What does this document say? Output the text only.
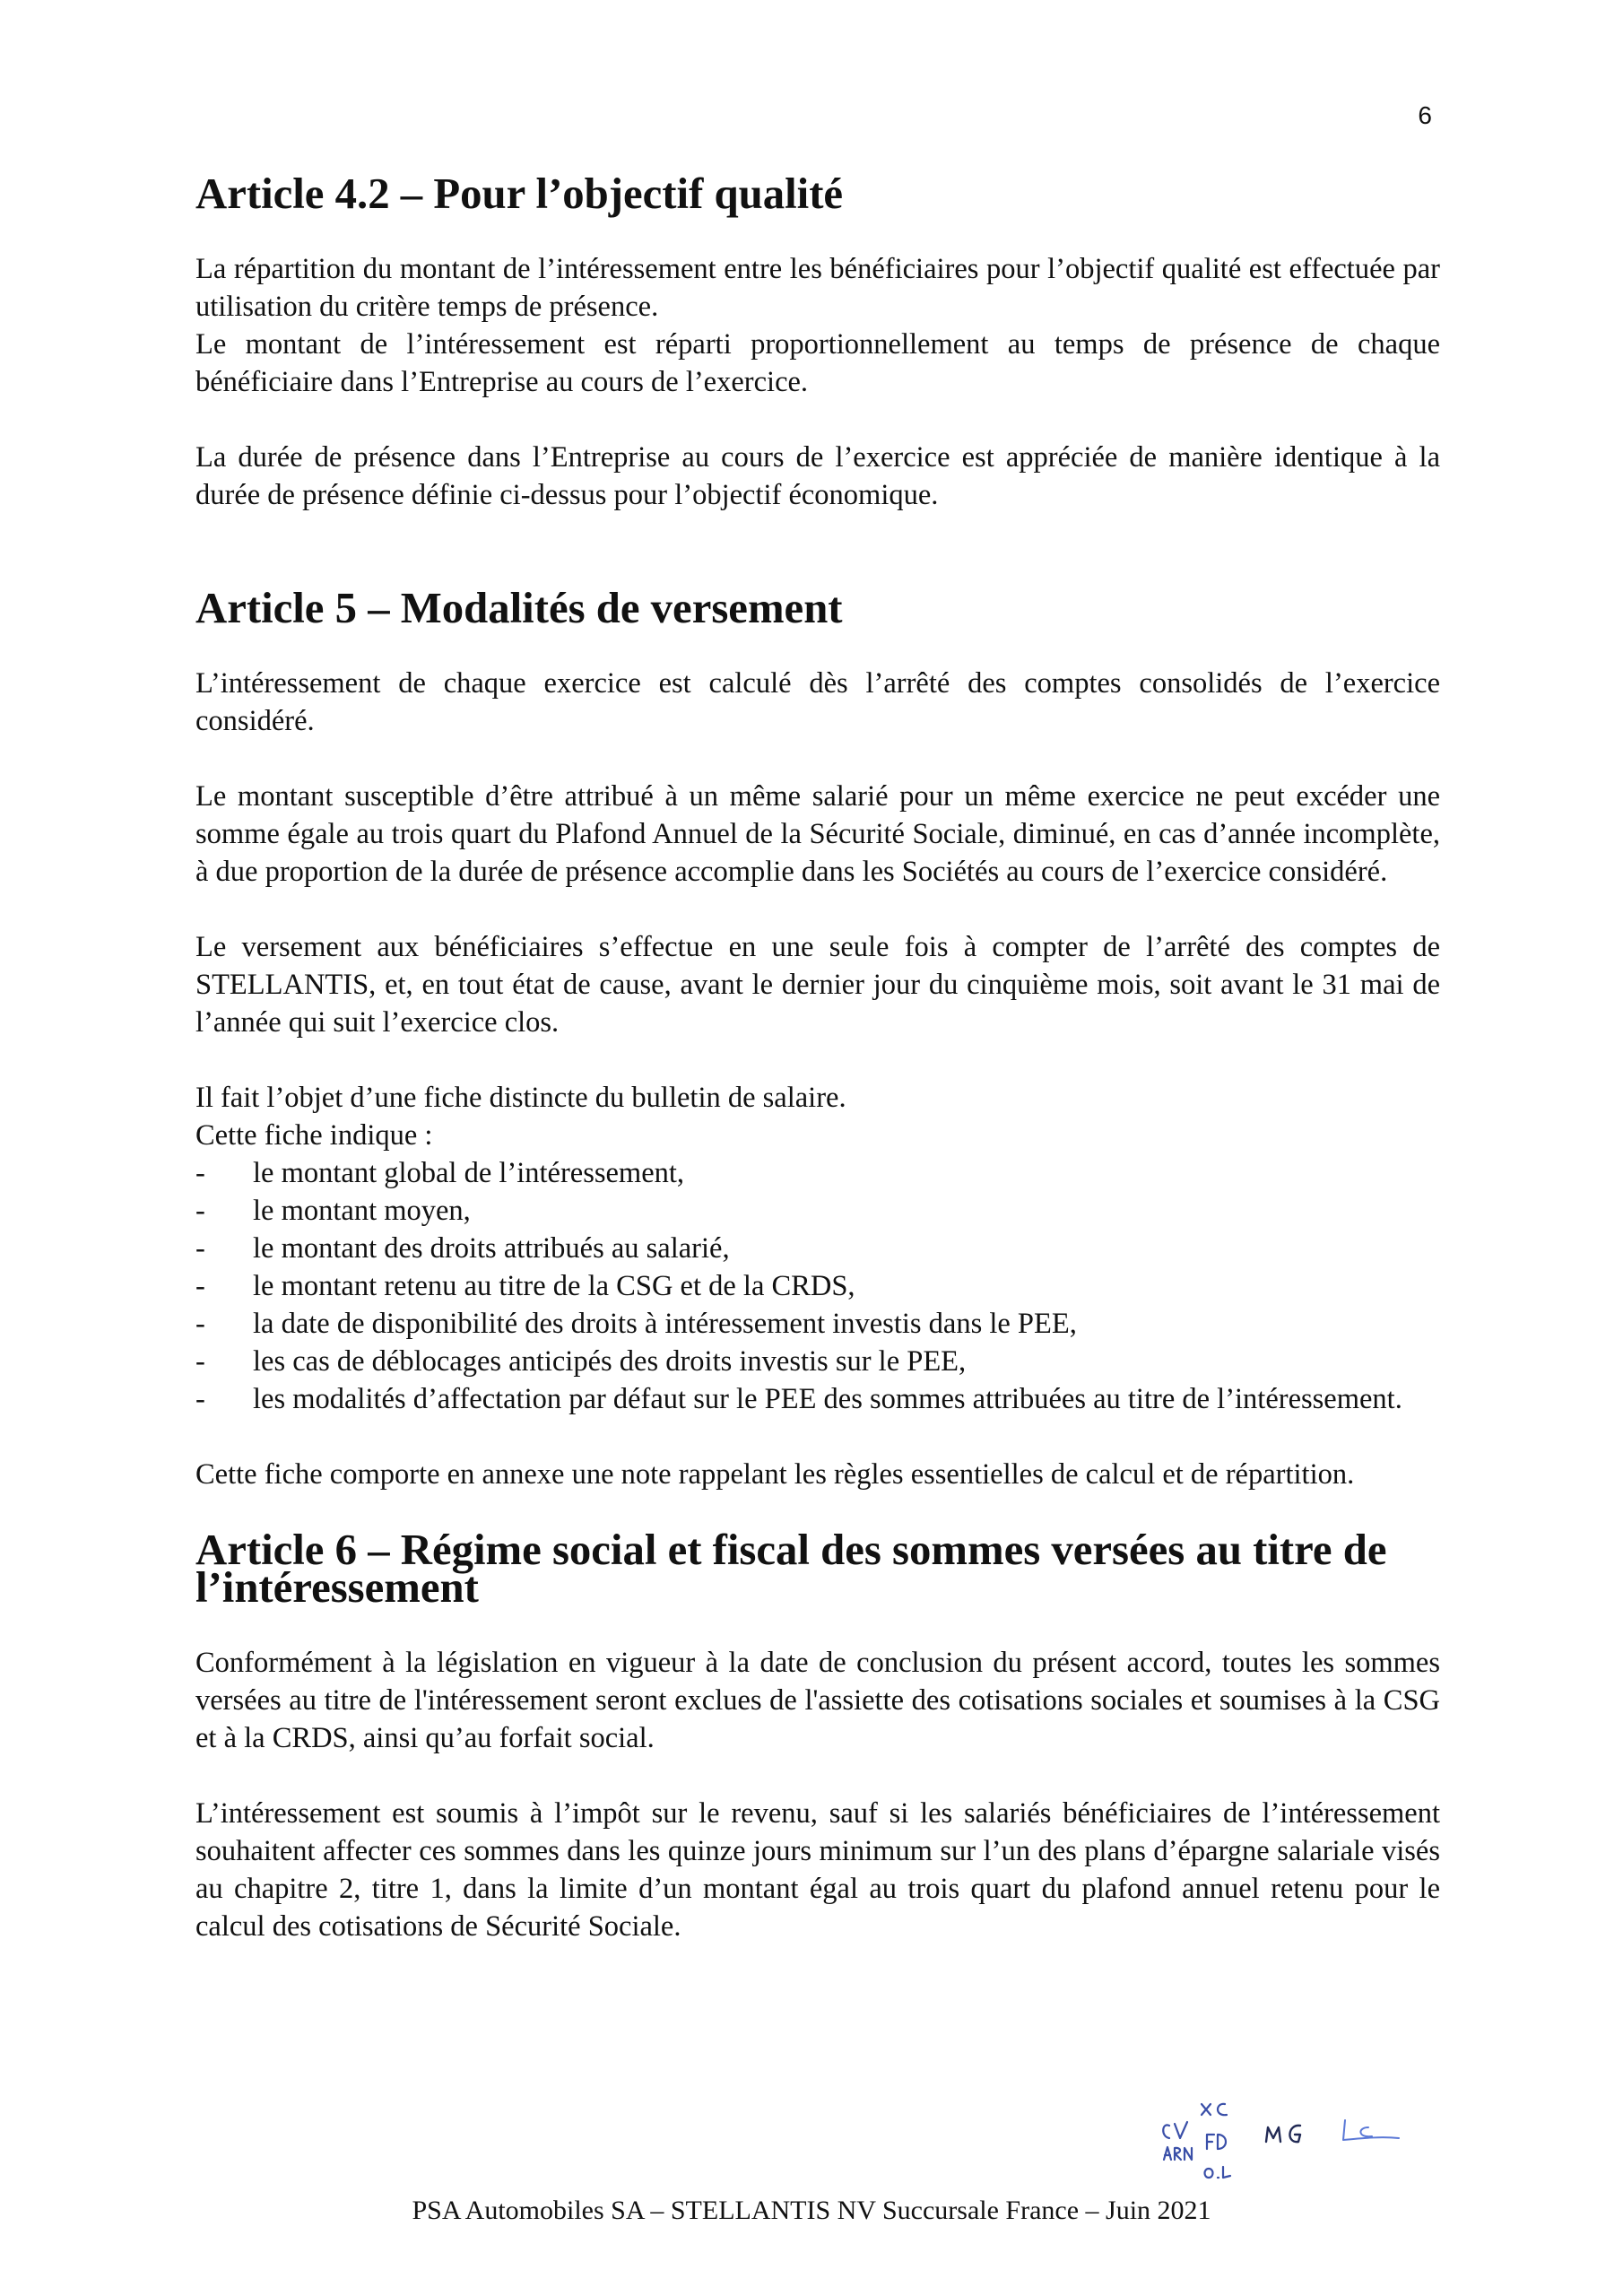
6
Article 4.2 – Pour l’objectif qualité

La répartition du montant de l’intéressement entre les bénéficiaires pour l’objectif qualité est effectuée par utilisation du critère temps de présence.

Le montant de l’intéressement est réparti proportionnellement au temps de présence de chaque bénéficiaire dans l’Entreprise au cours de l’exercice.

La durée de présence dans l’Entreprise au cours de l’exercice est appréciée de manière identique à la durée de présence définie ci-dessus pour l’objectif économique.

Article 5 – Modalités de versement

L’intéressement de chaque exercice est calculé dès l’arrêté des comptes consolidés de l’exercice considéré.

Le montant susceptible d’être attribué à un même salarié pour un même exercice ne peut excéder une somme égale au trois quart du Plafond Annuel de la Sécurité Sociale, diminué, en cas d’année incomplète, à due proportion de la durée de présence accomplie dans les Sociétés au cours de l’exercice considéré.

Le versement aux bénéficiaires s’effectue en une seule fois à compter de l’arrêté des comptes de STELLANTIS, et, en tout état de cause, avant le dernier jour du cinquième mois, soit avant le 31 mai de l’année qui suit l’exercice clos.

Il fait l’objet d’une fiche distincte du bulletin de salaire.

Cette fiche indique :

- le montant global de l’intéressement,
- le montant moyen,
- le montant des droits attribués au salarié,
- le montant retenu au titre de la CSG et de la CRDS,
- la date de disponibilité des droits à intéressement investis dans le PEE,
- les cas de déblocages anticipés des droits investis sur le PEE,
- les modalités d’affectation par défaut sur le PEE des sommes attribuées au titre de l’intéressement.

Cette fiche comporte en annexe une note rappelant les règles essentielles de calcul et de répartition.

Article 6 – Régime social et fiscal des sommes versées au titre de l’intéressement

Conformément à la législation en vigueur à la date de conclusion du présent accord, toutes les sommes versées au titre de l'intéressement seront exclues de l'assiette des cotisations sociales et soumises à la CSG et à la CRDS, ainsi qu’au forfait social.

L’intéressement est soumis à l’impôt sur le revenu, sauf si les salariés bénéficiaires de l’intéressement souhaitent affecter ces sommes dans les quinze jours minimum sur l’un des plans d’épargne salariale visés au chapitre 2, titre 1, dans la limite d’un montant égal au trois quart du plafond annuel retenu pour le calcul des cotisations de Sécurité Sociale.

PSA Automobiles SA – STELLANTIS NV Succursale France – Juin 2021
